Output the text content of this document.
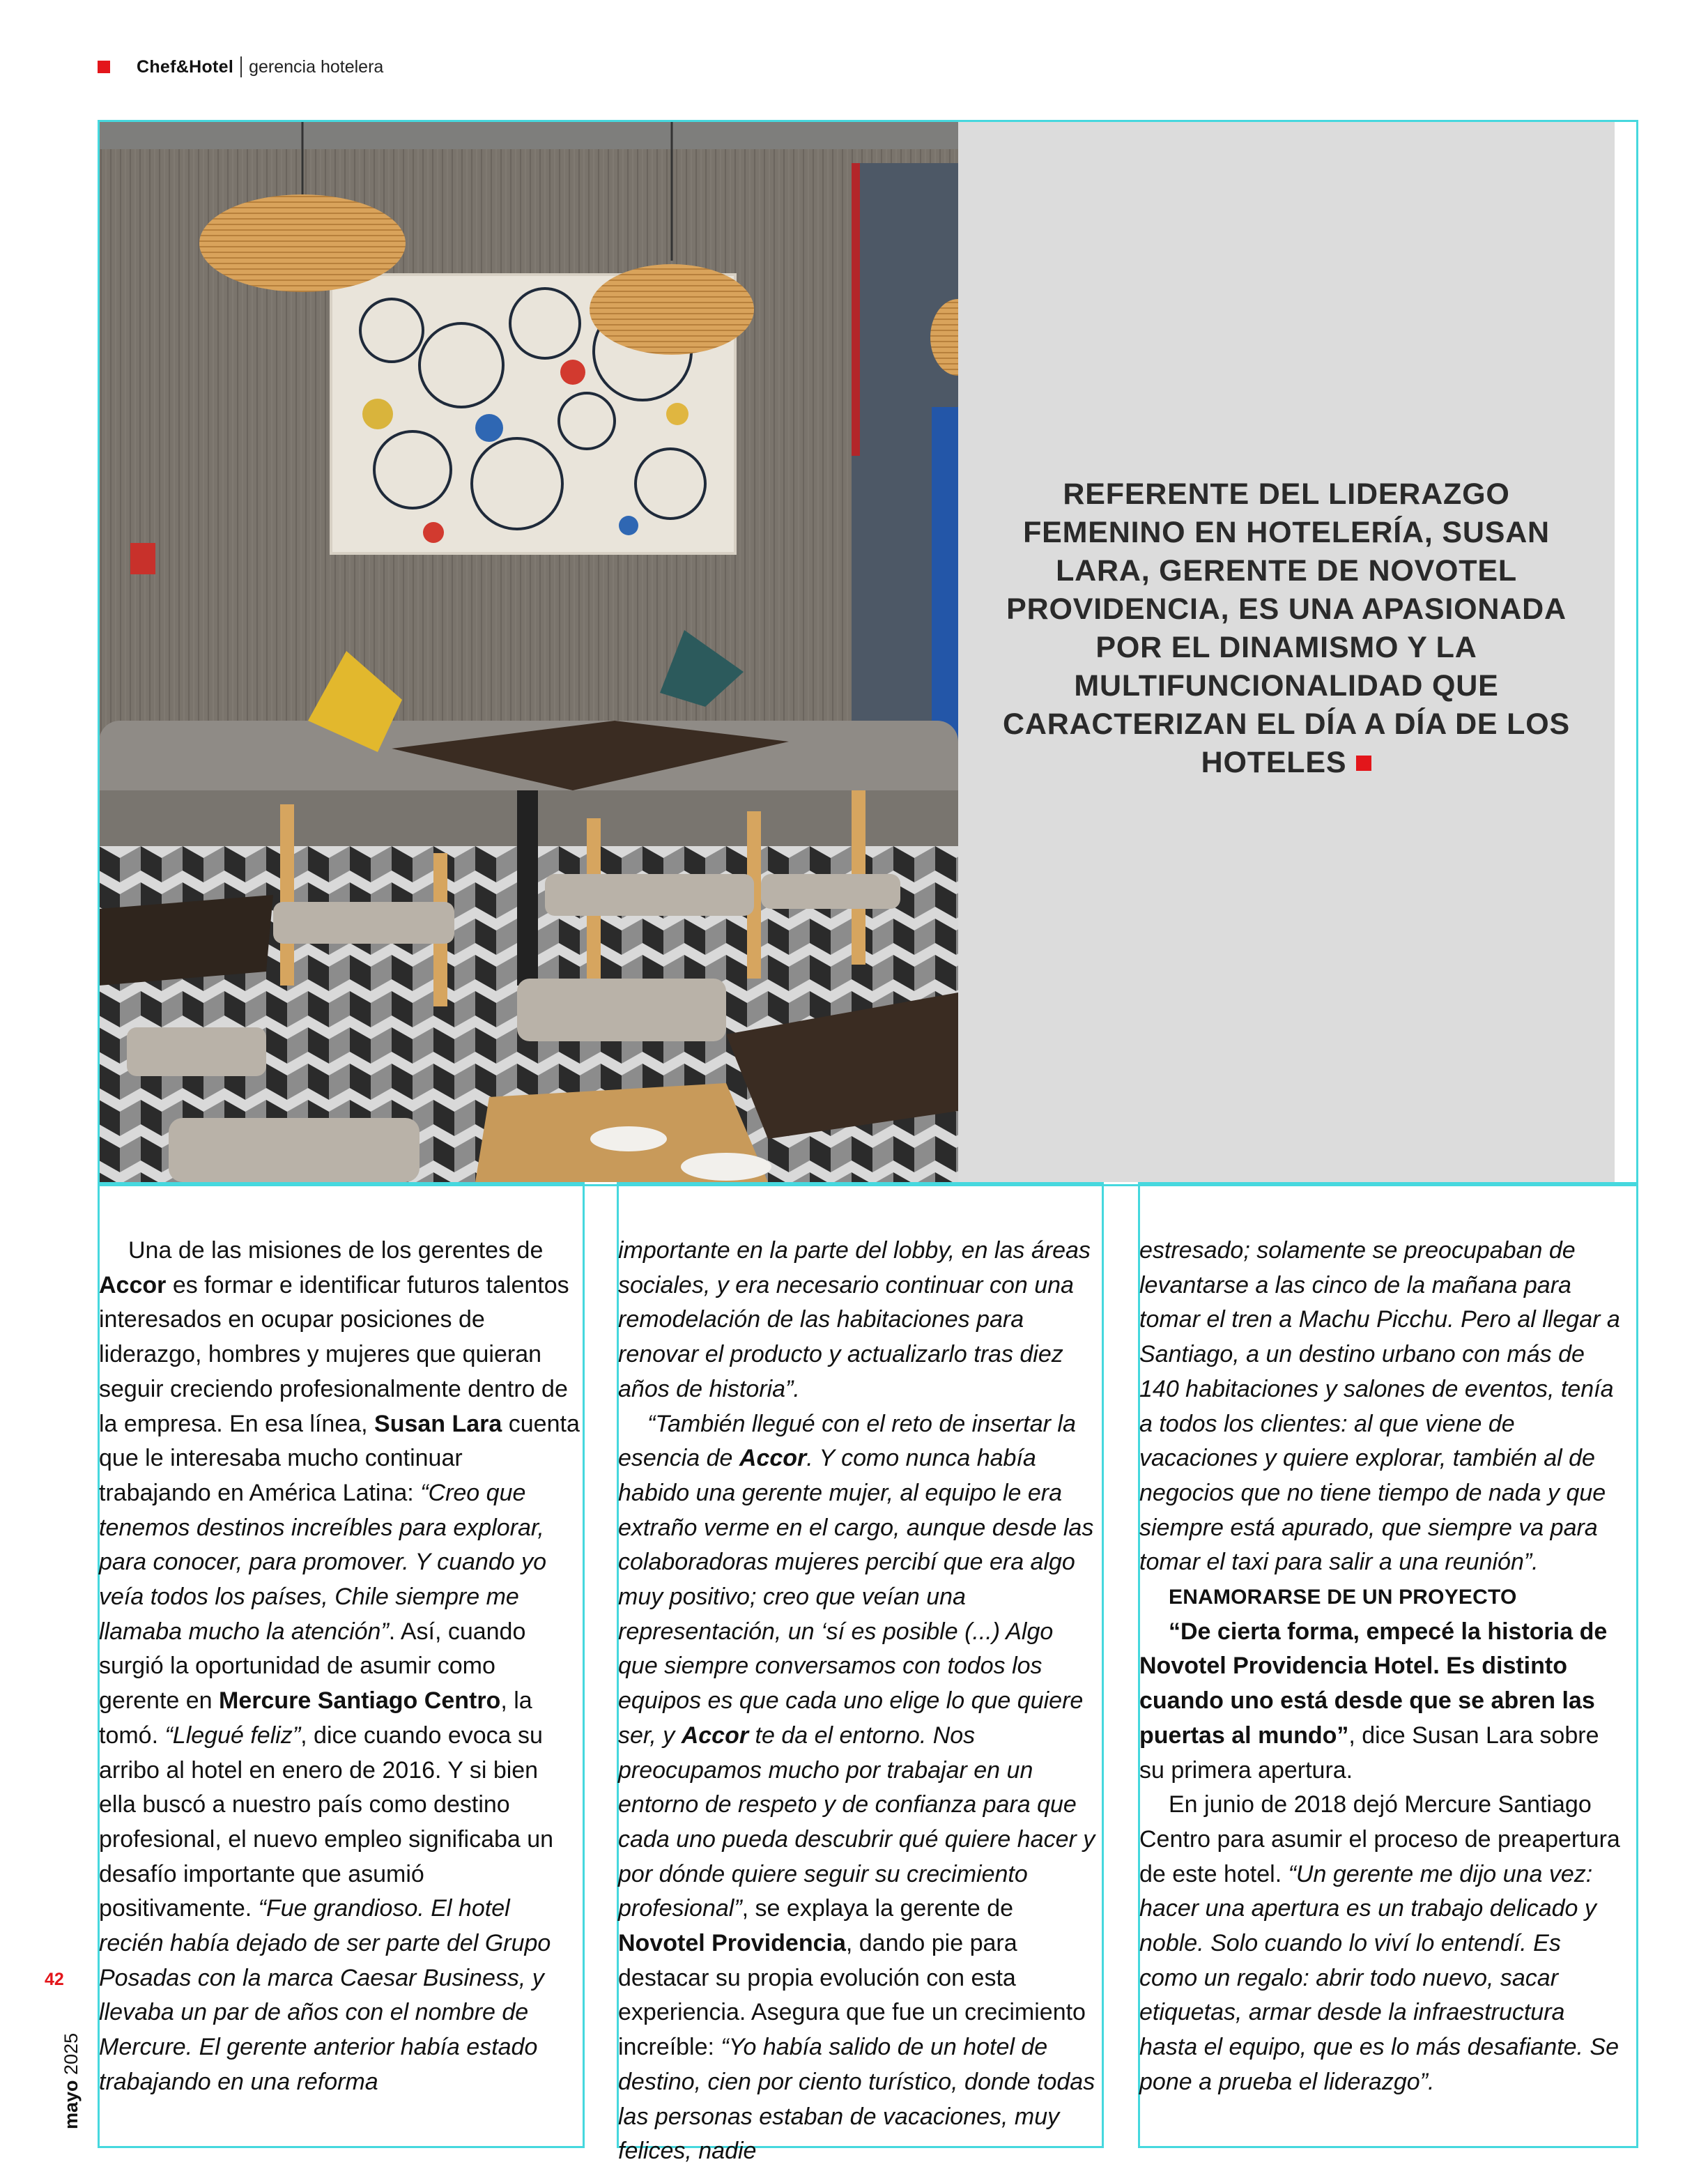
Chef&Hotel gerencia hotelera
REFERENTE DEL LIDERAZGO FEMENINO EN HOTELERÍA, SUSAN LARA, GERENTE DE NOVOTEL PROVIDENCIA, ES UNA APASIONADA POR EL DINAMISMO Y LA MULTIFUNCIONALIDAD QUE CARACTERIZAN EL DÍA A DÍA DE LOS HOTELES

Una de las misiones de los gerentes de Accor es formar e identificar futuros talentos interesados en ocupar posiciones de liderazgo, hombres y mujeres que quieran seguir creciendo profesionalmente dentro de la empresa. En esa línea, Susan Lara cuenta que le interesaba mucho continuar trabajando en América Latina: “Creo que tenemos destinos increíbles para explorar, para conocer, para promover. Y cuando yo veía todos los países, Chile siempre me llamaba mucho la atención”. Así, cuando surgió la oportunidad de asumir como gerente en Mercure Santiago Centro, la tomó. “Llegué feliz”, dice cuando evoca su arribo al hotel en enero de 2016. Y si bien ella buscó a nuestro país como destino profesional, el nuevo empleo significaba un desafío importante que asumió positivamente. “Fue grandioso. El hotel recién había dejado de ser parte del Grupo Posadas con la marca Caesar Business, y llevaba un par de años con el nombre de Mercure. El gerente anterior había estado trabajando en una reforma

importante en la parte del lobby, en las áreas sociales, y era necesario continuar con una remodelación de las habitaciones para renovar el producto y actualizarlo tras diez años de historia”.

“También llegué con el reto de insertar la esencia de Accor. Y como nunca había habido una gerente mujer, al equipo le era extraño verme en el cargo, aunque desde las colaboradoras mujeres percibí que era algo muy positivo; creo que veían una representación, un ‘sí es posible (...) Algo que siempre conversamos con todos los equipos es que cada uno elige lo que quiere ser, y Accor te da el entorno. Nos preocupamos mucho por trabajar en un entorno de respeto y de confianza para que cada uno pueda descubrir qué quiere hacer y por dónde quiere seguir su crecimiento profesional”, se explaya la gerente de Novotel Providencia, dando pie para destacar su propia evolución con esta experiencia. Asegura que fue un crecimiento increíble: “Yo había salido de un hotel de destino, cien por ciento turístico, donde todas las personas estaban de vacaciones, muy felices, nadie

estresado; solamente se preocupaban de levantarse a las cinco de la mañana para tomar el tren a Machu Picchu. Pero al llegar a Santiago, a un destino urbano con más de 140 habitaciones y salones de eventos, tenía a todos los clientes: al que viene de vacaciones y quiere explorar, también al de negocios que no tiene tiempo de nada y que siempre está apurado, que siempre va para tomar el taxi para salir a una reunión”.

ENAMORARSE DE UN PROYECTO

“De cierta forma, empecé la historia de Novotel Providencia Hotel. Es distinto cuando uno está desde que se abren las puertas al mundo”, dice Susan Lara sobre su primera apertura.

En junio de 2018 dejó Mercure Santiago Centro para asumir el proceso de preapertura de este hotel. “Un gerente me dijo una vez: hacer una apertura es un trabajo delicado y noble. Solo cuando lo viví lo entendí. Es como un regalo: abrir todo nuevo, sacar etiquetas, armar desde la infraestructura hasta el equipo, que es lo más desafiante. Se pone a prueba el liderazgo”.

42
mayo 2025
